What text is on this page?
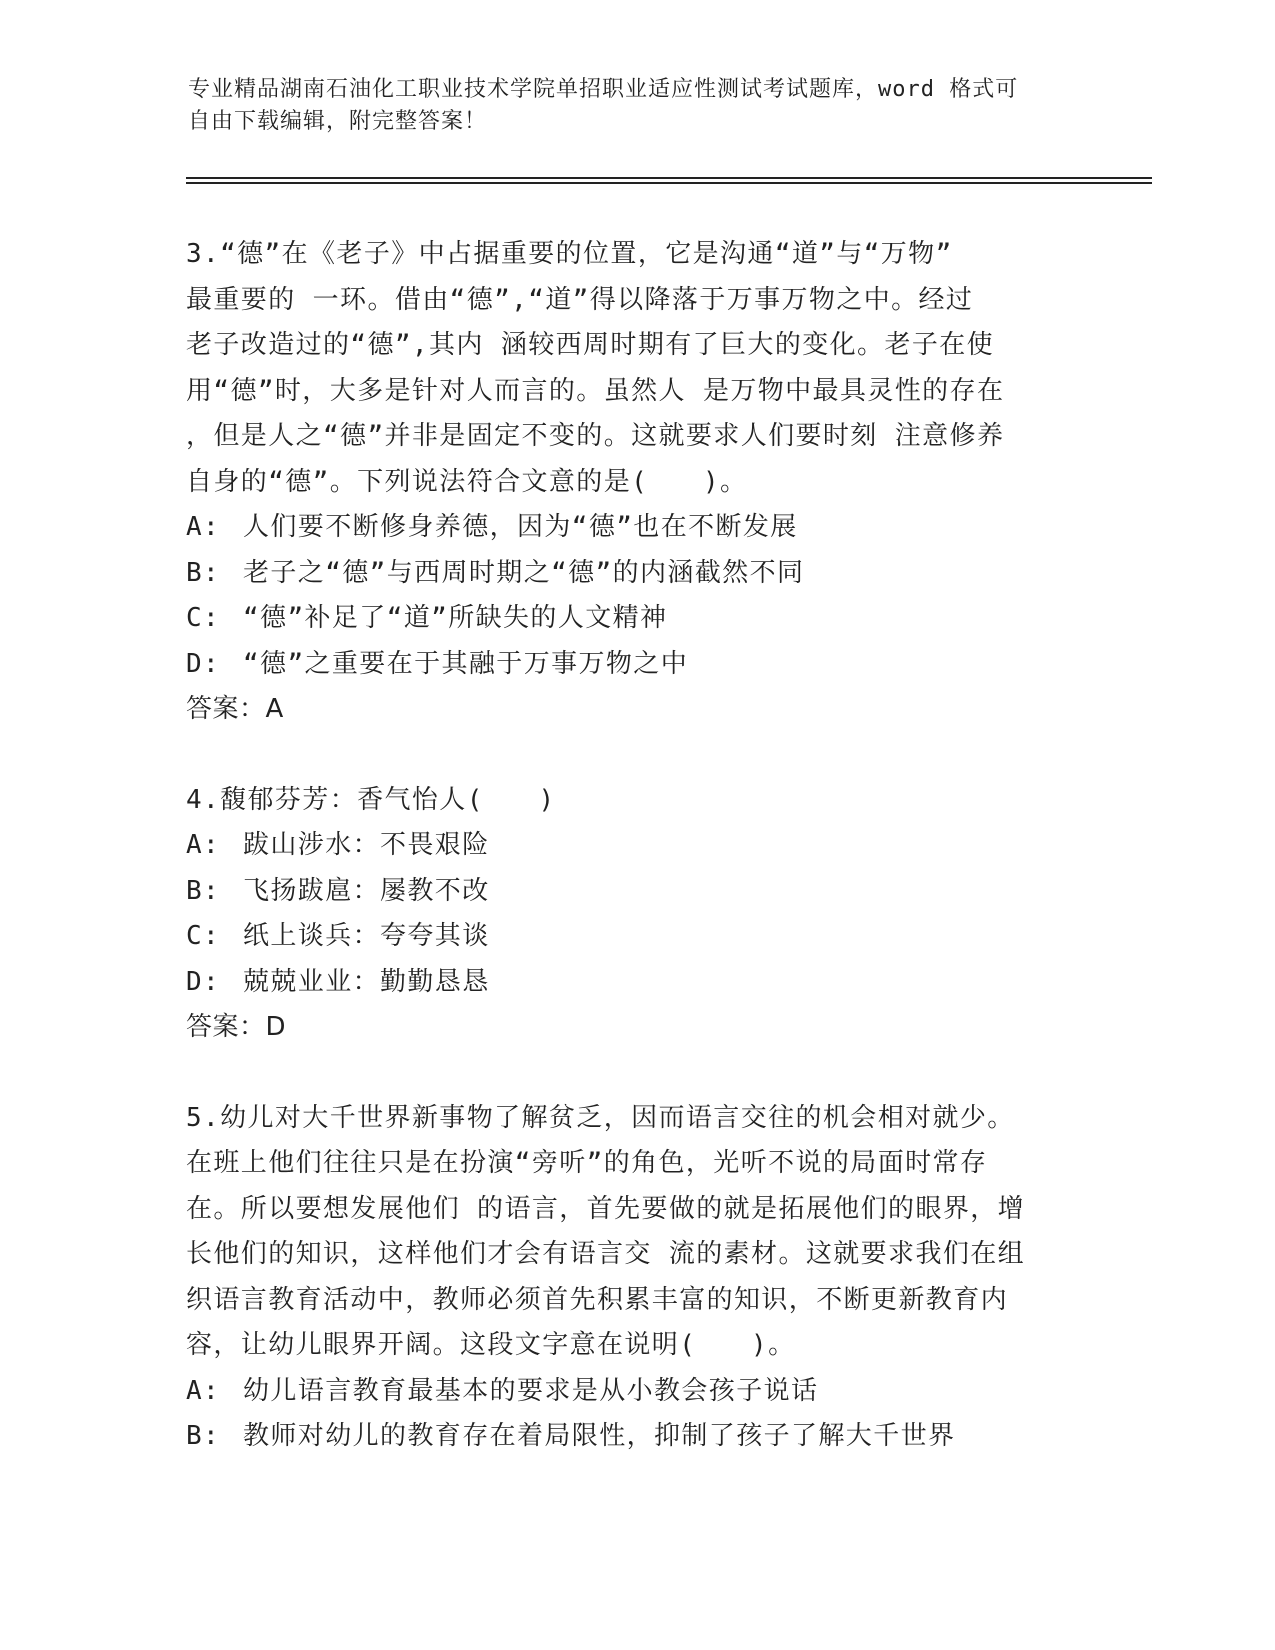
专业精品湖南石油化工职业技术学院单招职业适应性测试考试题库，word 格式可
自由下载编辑，附完整答案！

3.“德”在《老子》中占据重要的位置，它是沟通“道”与“万物”

最重要的 一环。借由“德”,“道”得以降落于万事万物之中。经过

老子改造过的“德”,其内 涵较西周时期有了巨大的变化。老子在使

用“德”时，大多是针对人而言的。虽然人 是万物中最具灵性的存在

，但是人之“德”并非是固定不变的。这就要求人们要时刻 注意修养

自身的“德”。下列说法符合文意的是(　　)。

A: 人们要不断修身养德，因为“德”也在不断发展
B: 老子之“德”与西周时期之“德”的内涵截然不同
C: “德”补足了“道”所缺失的人文精神
D: “德”之重要在于其融于万事万物之中
答案：A

4.馥郁芬芳：香气怡人(　　)

A: 跋山涉水：不畏艰险
B: 飞扬跋扈：屡教不改
C: 纸上谈兵：夸夸其谈
D: 兢兢业业：勤勤恳恳
答案：D

5.幼儿对大千世界新事物了解贫乏，因而语言交往的机会相对就少。

在班上他们往往只是在扮演“旁听”的角色，光听不说的局面时常存

在。所以要想发展他们 的语言，首先要做的就是拓展他们的眼界，增

长他们的知识，这样他们才会有语言交 流的素材。这就要求我们在组

织语言教育活动中，教师必须首先积累丰富的知识，不断更新教育内

容，让幼儿眼界开阔。这段文字意在说明(　　)。

A: 幼儿语言教育最基本的要求是从小教会孩子说话
B: 教师对幼儿的教育存在着局限性，抑制了孩子了解大千世界
